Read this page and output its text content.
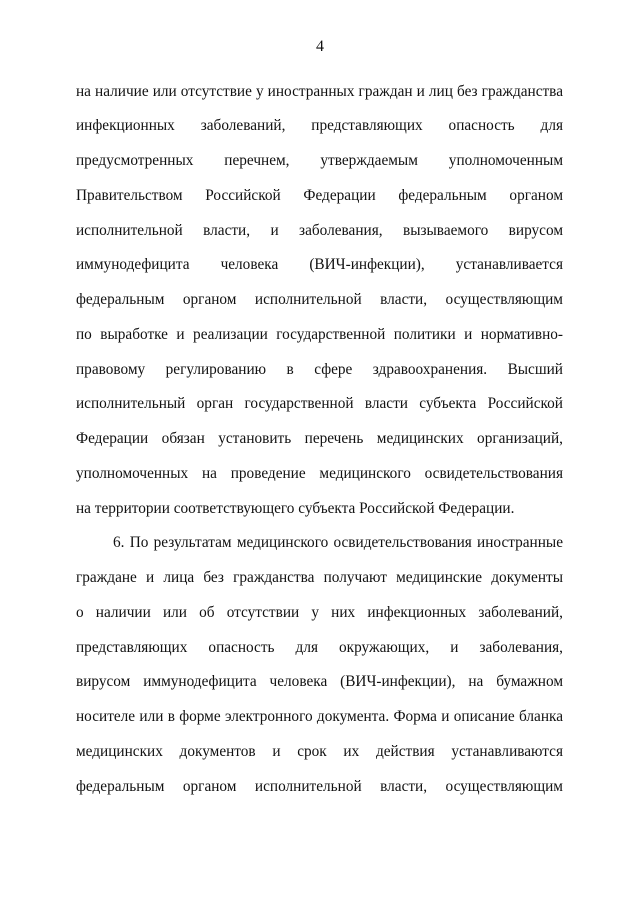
4
на наличие или отсутствие у иностранных граждан и лиц без гражданства
инфекционных заболеваний, представляющих опасность для
предусмотренных перечнем, утверждаемым уполномоченным
Правительством Российской Федерации федеральным органом
исполнительной власти, и заболевания, вызываемого вирусом
иммунодефицита человека (ВИЧ-инфекции), устанавливается
федеральным органом исполнительной власти, осуществляющим
по выработке и реализации государственной политики и нормативно-
правовому регулированию в сфере здравоохранения. Высший
исполнительный орган государственной власти субъекта Российской
Федерации обязан установить перечень медицинских организаций,
уполномоченных на проведение медицинского освидетельствования
на территории соответствующего субъекта Российской Федерации.
6. По результатам медицинского освидетельствования иностранные
граждане и лица без гражданства получают медицинские документы
о наличии или об отсутствии у них инфекционных заболеваний,
представляющих опасность для окружающих, и заболевания,
вирусом иммунодефицита человека (ВИЧ-инфекции), на бумажном
носителе или в форме электронного документа. Форма и описание бланка
медицинских документов и срок их действия устанавливаются
федеральным органом исполнительной власти, осуществляющим
